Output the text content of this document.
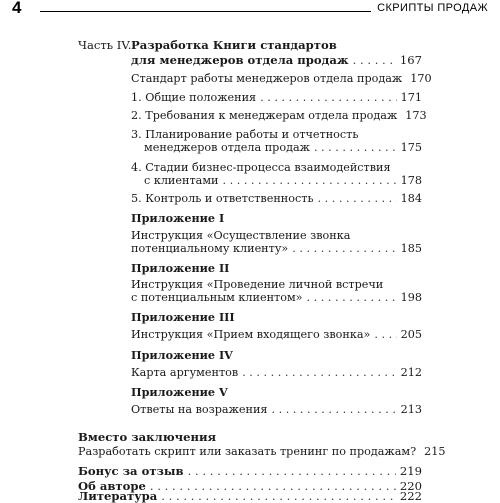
4	СКРИПТЫ ПРОДАЖ
Часть IV. Разработка Книги стандартов
для менеджеров отдела продаж . . .	167
Стандарт работы менеджеров отдела продаж 170
1. Общие положения . . .	171
2. Требования к менеджерам отдела продаж 173
3. Планирование работы и отчетность
менеджеров отдела продаж . . .	175
4. Стадии бизнес-процесса взаимодействия
с клиентами . . .	178
5. Контроль и ответственность . . .	184
Приложение I
Инструкция «Осуществление звонка
потенциальному клиенту» . . .	185
Приложение II
Инструкция «Проведение личной встречи
с потенциальным клиентом» . . .	198
Приложение III
Инструкция «Прием входящего звонка» . . .	205
Приложение IV
Карта аргументов . . .	212
Приложение V
Ответы на возражения . . .	213
Вместо заключения
Разработать скрипт или заказать тренинг по продажам? 215
Бонус за отзыв . . .	219
Об авторе . . .	220
Литература . . .	222
